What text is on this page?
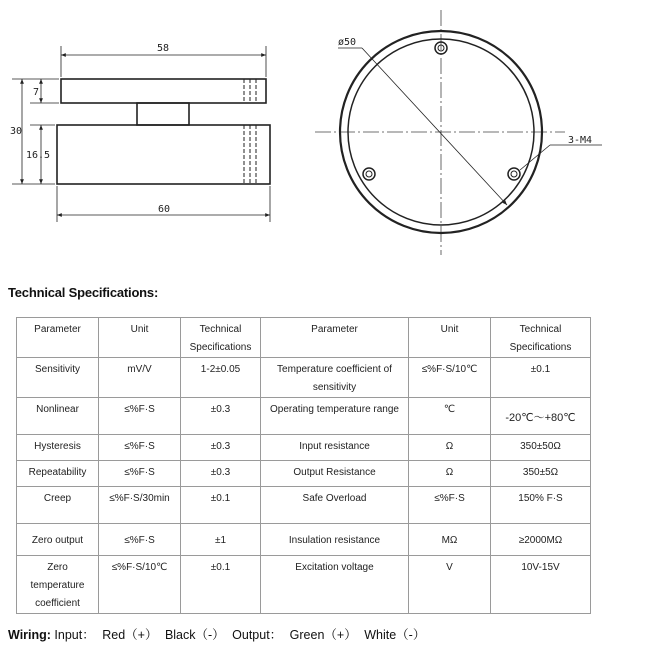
58
60
30
7
16.5
ø50
3-M4
Technical Specifications:
Parameter	Unit	Technical Specifications	Parameter	Unit	Technical Specifications
Sensitivity	mV/V	1-2±0.05	Temperature coefficient of sensitivity	≤%F·S/10℃	±0.1
Nonlinear	≤%F·S	±0.3	Operating temperature range	℃	-20℃～+80℃
Hysteresis	≤%F·S	±0.3	Input resistance	Ω	350±50Ω
Repeatability	≤%F·S	±0.3	Output Resistance	Ω	350±5Ω
Creep	≤%F·S/30min	±0.1	Safe Overload	≤%F·S	150% F·S
Zero output	≤%F·S	±1	Insulation resistance	MΩ	≥2000MΩ
Zero temperature coefficient	≤%F·S/10℃	±0.1	Excitation voltage	V	10V-15V
Wiring: Input： Red（+） Black（-） Output： Green（+） White（-）
